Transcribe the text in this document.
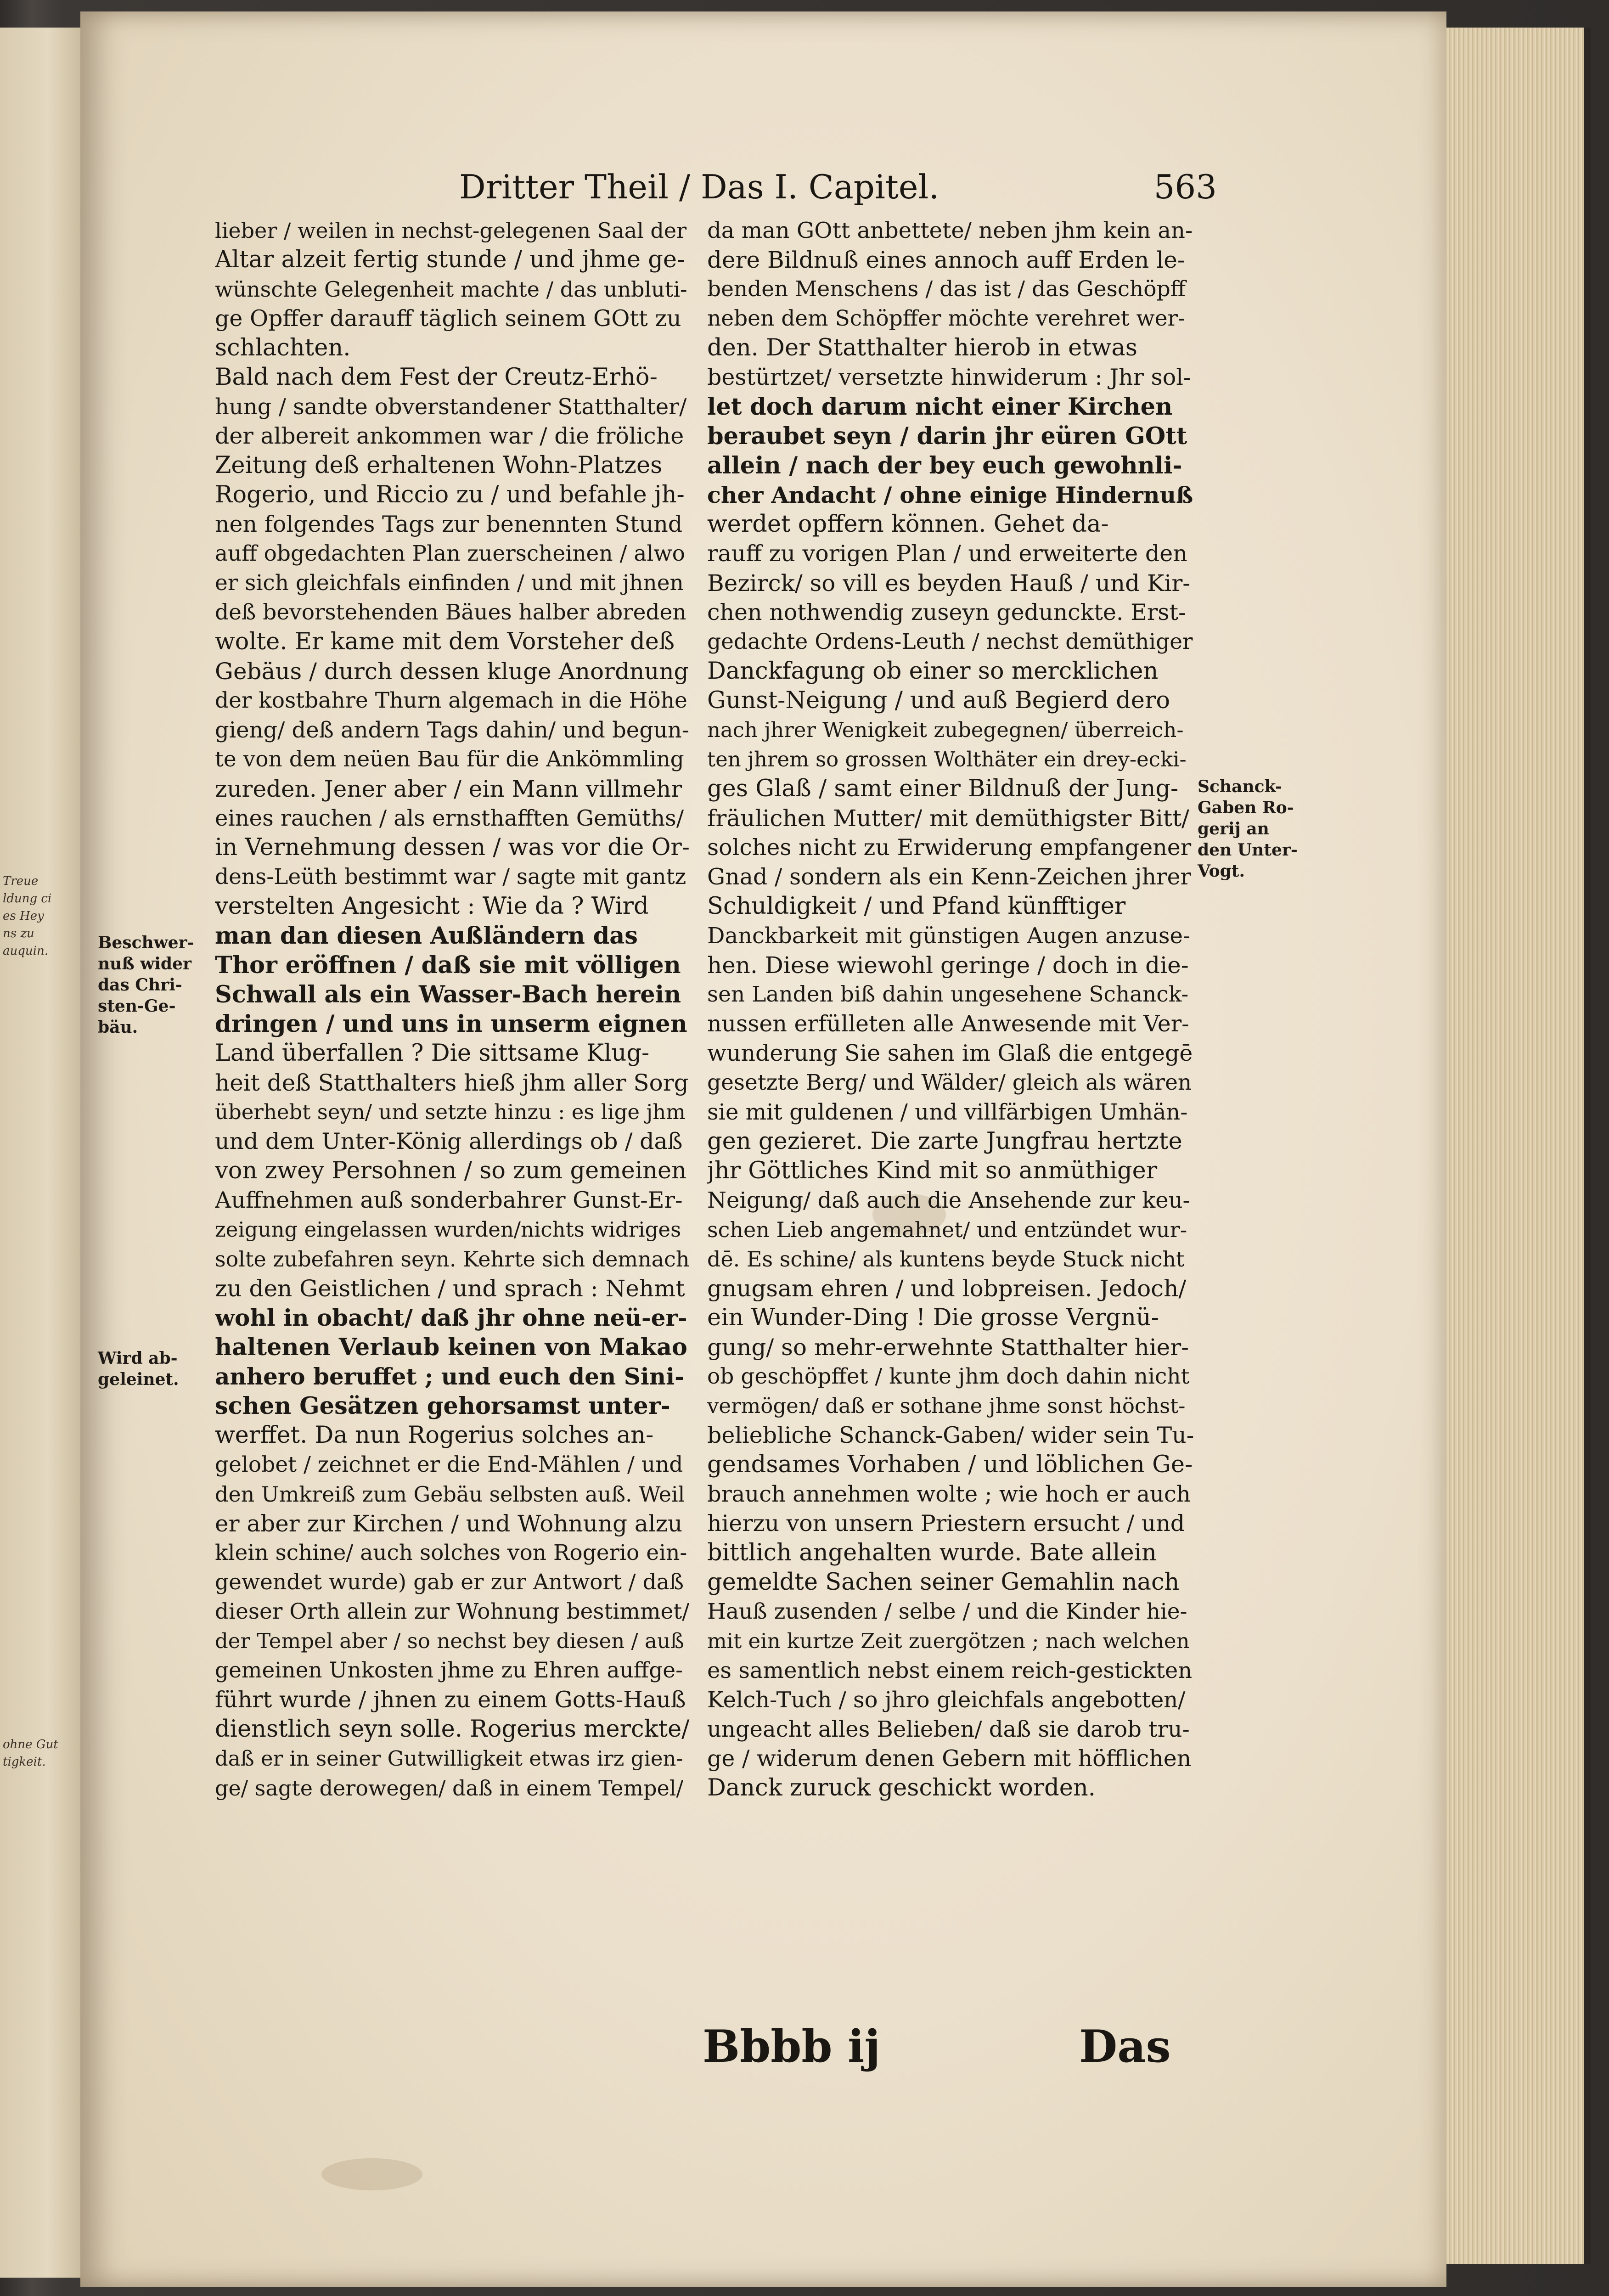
Treue
ldung ci
es Hey
ns zu
auquin.
ohne Gut
tigkeit.
Dritter Theil / Das I. Capitel.	563
Beschwer-
nuß wider
das Chri-
sten-Ge-
bäu.
Wird ab-
geleinet.
Schanck-
Gaben Ro-
gerij an
den Unter-
Vogt.
lieber / weilen in nechst-gelegenen Saal der
Altar alzeit fertig stunde / und jhme ge-
wünschte Gelegenheit machte / das unbluti-
ge Opffer darauff täglich seinem GOtt zu
schlachten.
Bald nach dem Fest der Creutz-Erhö-
hung / sandte obverstandener Statthalter/
der albereit ankommen war / die fröliche
Zeitung deß erhaltenen Wohn-Platzes
Rogerio, und Riccio zu / und befahle jh-
nen folgendes Tags zur benennten Stund
auff obgedachten Plan zuerscheinen / alwo
er sich gleichfals einfinden / und mit jhnen
deß bevorstehenden Bäues halber abreden
wolte. Er kame mit dem Vorsteher deß
Gebäus / durch dessen kluge Anordnung
der kostbahre Thurn algemach in die Höhe
gieng/ deß andern Tags dahin/ und begun-
te von dem neüen Bau für die Ankömmling
zureden. Jener aber / ein Mann villmehr
eines rauchen / als ernsthafften Gemüths/
in Vernehmung dessen / was vor die Or-
dens-Leüth bestimmt war / sagte mit gantz
verstelten Angesicht : Wie da ? Wird
man dan diesen Außländern das
Thor eröffnen / daß sie mit völligen
Schwall als ein Wasser-Bach herein
dringen / und uns in unserm eignen
Land überfallen ? Die sittsame Klug-
heit deß Statthalters hieß jhm aller Sorg
überhebt seyn/ und setzte hinzu : es lige jhm
und dem Unter-König allerdings ob / daß
von zwey Persohnen / so zum gemeinen
Auffnehmen auß sonderbahrer Gunst-Er-
zeigung eingelassen wurden/nichts widriges
solte zubefahren seyn. Kehrte sich demnach
zu den Geistlichen / und sprach : Nehmt
wohl in obacht/ daß jhr ohne neü-er-
haltenen Verlaub keinen von Makao
anhero beruffet ; und euch den Sini-
schen Gesätzen gehorsamst unter-
werffet. Da nun Rogerius solches an-
gelobet / zeichnet er die End-Mählen / und
den Umkreiß zum Gebäu selbsten auß. Weil
er aber zur Kirchen / und Wohnung alzu
klein schine/ auch solches von Rogerio ein-
gewendet wurde) gab er zur Antwort / daß
dieser Orth allein zur Wohnung bestimmet/
der Tempel aber / so nechst bey diesen / auß
gemeinen Unkosten jhme zu Ehren auffge-
führt wurde / jhnen zu einem Gotts-Hauß
dienstlich seyn solle. Rogerius merckte/
daß er in seiner Gutwilligkeit etwas irz gien-
ge/ sagte derowegen/ daß in einem Tempel/
da man GOtt anbettete/ neben jhm kein an-
dere Bildnuß eines annoch auff Erden le-
benden Menschens / das ist / das Geschöpff
neben dem Schöpffer möchte verehret wer-
den. Der Statthalter hierob in etwas
bestürtzet/ versetzte hinwiderum : Jhr sol-
let doch darum nicht einer Kirchen
beraubet seyn / darin jhr eüren GOtt
allein / nach der bey euch gewohnli-
cher Andacht / ohne einige Hindernuß
werdet opffern können. Gehet da-
rauff zu vorigen Plan / und erweiterte den
Bezirck/ so vill es beyden Hauß / und Kir-
chen nothwendig zuseyn gedunckte. Erst-
gedachte Ordens-Leuth / nechst demüthiger
Danckfagung ob einer so mercklichen
Gunst-Neigung / und auß Begierd dero
nach jhrer Wenigkeit zubegegnen/ überreich-
ten jhrem so grossen Wolthäter ein drey-ecki-
ges Glaß / samt einer Bildnuß der Jung-
fräulichen Mutter/ mit demüthigster Bitt/
solches nicht zu Erwiderung empfangener
Gnad / sondern als ein Kenn-Zeichen jhrer
Schuldigkeit / und Pfand künfftiger
Danckbarkeit mit günstigen Augen anzuse-
hen. Diese wiewohl geringe / doch in die-
sen Landen biß dahin ungesehene Schanck-
nussen erfülleten alle Anwesende mit Ver-
wunderung Sie sahen im Glaß die entgegē
gesetzte Berg/ und Wälder/ gleich als wären
sie mit guldenen / und villfärbigen Umhän-
gen gezieret. Die zarte Jungfrau hertzte
jhr Göttliches Kind mit so anmüthiger
Neigung/ daß auch die Ansehende zur keu-
schen Lieb angemahnet/ und entzündet wur-
dē. Es schine/ als kuntens beyde Stuck nicht
gnugsam ehren / und lobpreisen. Jedoch/
ein Wunder-Ding ! Die grosse Vergnü-
gung/ so mehr-erwehnte Statthalter hier-
ob geschöpffet / kunte jhm doch dahin nicht
vermögen/ daß er sothane jhme sonst höchst-
beliebliche Schanck-Gaben/ wider sein Tu-
gendsames Vorhaben / und löblichen Ge-
brauch annehmen wolte ; wie hoch er auch
hierzu von unsern Priestern ersucht / und
bittlich angehalten wurde. Bate allein
gemeldte Sachen seiner Gemahlin nach
Hauß zusenden / selbe / und die Kinder hie-
mit ein kurtze Zeit zuergötzen ; nach welchen
es samentlich nebst einem reich-gestickten
Kelch-Tuch / so jhro gleichfals angebotten/
ungeacht alles Belieben/ daß sie darob tru-
ge / widerum denen Gebern mit höfflichen
Danck zuruck geschickt worden.
Bbbb ij	Das
